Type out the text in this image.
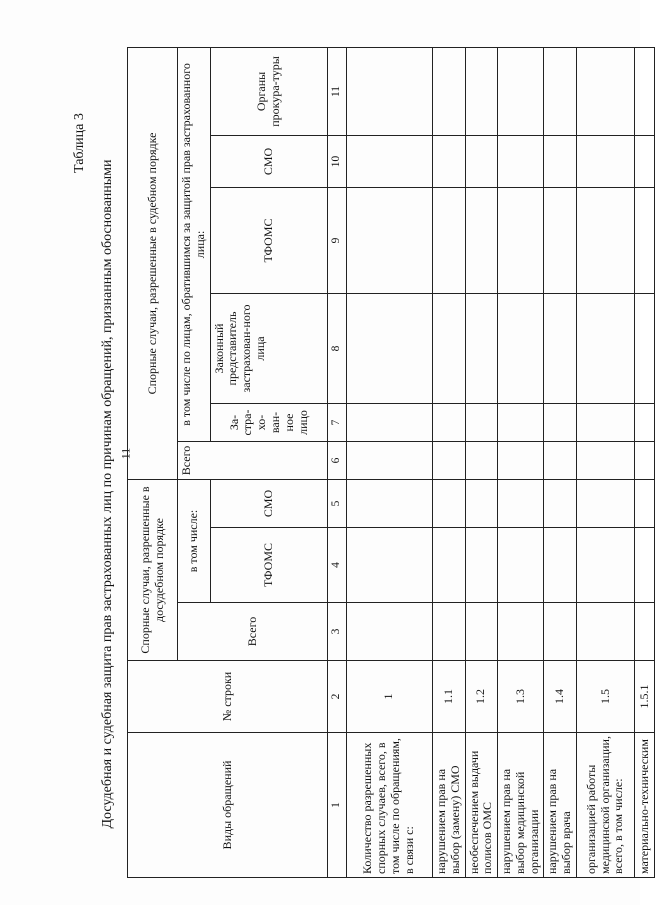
11
Таблица 3
Досудебная и судебная защита прав застрахованных лиц по причинам обращений, признанным обоснованными	Виды обращений	№ строки	Спорные случаи, разрешенные в досудебном порядке			Спорные случаи, разрешенные в судебном порядке					
		Всего	в том числе:		Всего	в том числе по лицам, обратившимся за защитой прав застрахованного лица:				
			ТФОМС	СМО		За-стра-хо-ван-ное лицо	Законный представитель застрахован-ного лица	ТФОМС	СМО	Органы прокура-туры

1	2	3	4	5	6	7	8	9	10	11
Количество разрешенных спорных случаев, всего, в том числе по обращениям, в связи с:	1									
нарушением прав на выбор (замену) СМО	1.1									
необеспечением выдачи полисов ОМС	1.2									
нарушением прав на выбор медицинской организации	1.3									
нарушением прав на выбор врача	1.4									
организацией работы медицинской организации, всего, в том числе:	1.5									
материально-техническим	1.5.1									
